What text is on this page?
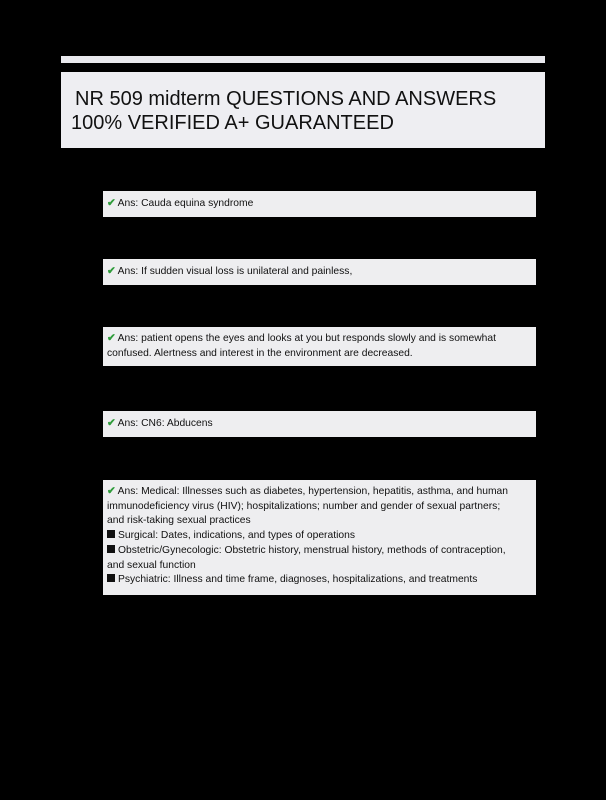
NR 509 midterm QUESTIONS AND ANSWERS
100% VERIFIED A+ GUARANTEED
✔ Ans: Cauda equina syndrome
✔ Ans: If sudden visual loss is unilateral and painless,
✔ Ans: patient opens the eyes and looks at you but responds slowly and is somewhat
confused. Alertness and interest in the environment are decreased.
✔ Ans: CN6: Abducens
✔ Ans: Medical: Illnesses such as diabetes, hypertension, hepatitis, asthma, and human
immunodeficiency virus (HIV); hospitalizations; number and gender of sexual partners;
and risk-taking sexual practices
Surgical: Dates, indications, and types of operations
Obstetric/Gynecologic: Obstetric history, menstrual history, methods of contraception,
and sexual function
Psychiatric: Illness and time frame, diagnoses, hospitalizations, and treatments
